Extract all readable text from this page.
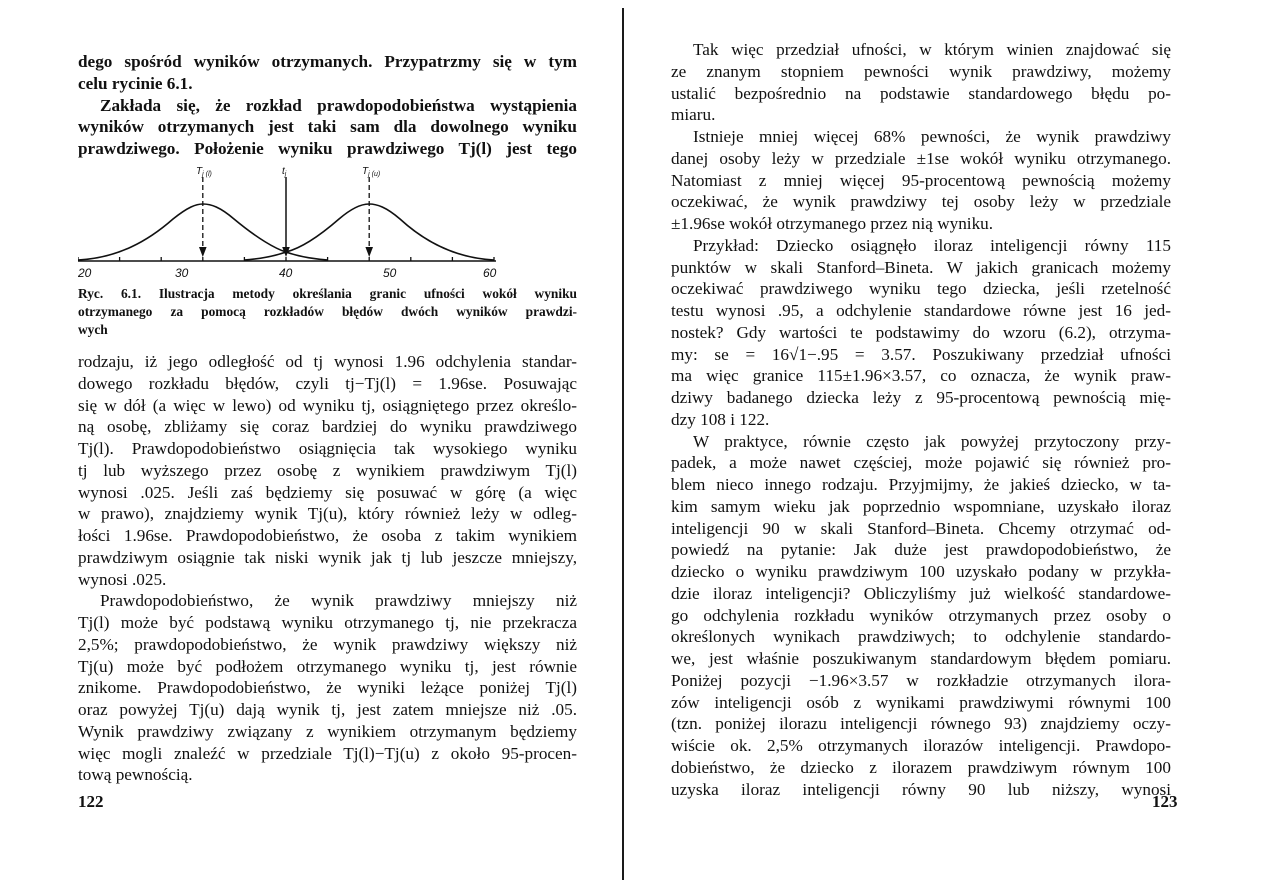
dego spośród wyników otrzymanych. Przypatrzmy się w tym
celu rycinie 6.1.
Zakłada się, że rozkład prawdopodobieństwa wystąpienia
wyników otrzymanych jest taki sam dla dowolnego wyniku
prawdziwego. Położenie wyniku prawdziwego Tj(l) jest tego
$T_{j (l)}$	$t_j$	$T_{j (u)}$
20	30	40	50	60
Ryc. 6.1. Ilustracja metody określania granic ufności wokół wyniku
otrzymanego za pomocą rozkładów błędów dwóch wyników prawdzi-
wych
rodzaju, iż jego odległość od tj wynosi 1.96 odchylenia standar-
dowego rozkładu błędów, czyli tj−Tj(l) = 1.96se. Posuwając
się w dół (a więc w lewo) od wyniku tj, osiągniętego przez określo-
ną osobę, zbliżamy się coraz bardziej do wyniku prawdziwego
Tj(l). Prawdopodobieństwo osiągnięcia tak wysokiego wyniku
tj lub wyższego przez osobę z wynikiem prawdziwym Tj(l)
wynosi .025. Jeśli zaś będziemy się posuwać w górę (a więc
w prawo), znajdziemy wynik Tj(u), który również leży w odleg-
łości 1.96se. Prawdopodobieństwo, że osoba z takim wynikiem
prawdziwym osiągnie tak niski wynik jak tj lub jeszcze mniejszy,
wynosi .025.
Prawdopodobieństwo, że wynik prawdziwy mniejszy niż
Tj(l) może być podstawą wyniku otrzymanego tj, nie przekracza
2,5%; prawdopodobieństwo, że wynik prawdziwy większy niż
Tj(u) może być podłożem otrzymanego wyniku tj, jest równie
znikome. Prawdopodobieństwo, że wyniki leżące poniżej Tj(l)
oraz powyżej Tj(u) dają wynik tj, jest zatem mniejsze niż .05.
Wynik prawdziwy związany z wynikiem otrzymanym będziemy
więc mogli znaleźć w przedziale Tj(l)−Tj(u) z około 95-procen-
tową pewnością.
122
Tak więc przedział ufności, w którym winien znajdować się
ze znanym stopniem pewności wynik prawdziwy, możemy
ustalić bezpośrednio na podstawie standardowego błędu po-
miaru.
Istnieje mniej więcej 68% pewności, że wynik prawdziwy
danej osoby leży w przedziale ±1se wokół wyniku otrzymanego.
Natomiast z mniej więcej 95-procentową pewnością możemy
oczekiwać, że wynik prawdziwy tej osoby leży w przedziale
±1.96se wokół otrzymanego przez nią wyniku.
Przykład: Dziecko osiągnęło iloraz inteligencji równy 115
punktów w skali Stanford–Bineta. W jakich granicach możemy
oczekiwać prawdziwego wyniku tego dziecka, jeśli rzetelność
testu wynosi .95, a odchylenie standardowe równe jest 16 jed-
nostek? Gdy wartości te podstawimy do wzoru (6.2), otrzyma-
my: se = 16√1−.95 = 3.57. Poszukiwany przedział ufności
ma więc granice 115±1.96×3.57, co oznacza, że wynik praw-
dziwy badanego dziecka leży z 95-procentową pewnością mię-
dzy 108 i 122.
W praktyce, równie często jak powyżej przytoczony przy-
padek, a może nawet częściej, może pojawić się również pro-
blem nieco innego rodzaju. Przyjmijmy, że jakieś dziecko, w ta-
kim samym wieku jak poprzednio wspomniane, uzyskało iloraz
inteligencji 90 w skali Stanford–Bineta. Chcemy otrzymać od-
powiedź na pytanie: Jak duże jest prawdopodobieństwo, że
dziecko o wyniku prawdziwym 100 uzyskało podany w przykła-
dzie iloraz inteligencji? Obliczyliśmy już wielkość standardowe-
go odchylenia rozkładu wyników otrzymanych przez osoby o
określonych wynikach prawdziwych; to odchylenie standardo-
we, jest właśnie poszukiwanym standardowym błędem pomiaru.
Poniżej pozycji −1.96×3.57 w rozkładzie otrzymanych ilora-
zów inteligencji osób z wynikami prawdziwymi równymi 100
(tzn. poniżej ilorazu inteligencji równego 93) znajdziemy oczy-
wiście ok. 2,5% otrzymanych ilorazów inteligencji. Prawdopo-
dobieństwo, że dziecko z ilorazem prawdziwym równym 100
uzyska iloraz inteligencji równy 90 lub niższy, wynosi
123
